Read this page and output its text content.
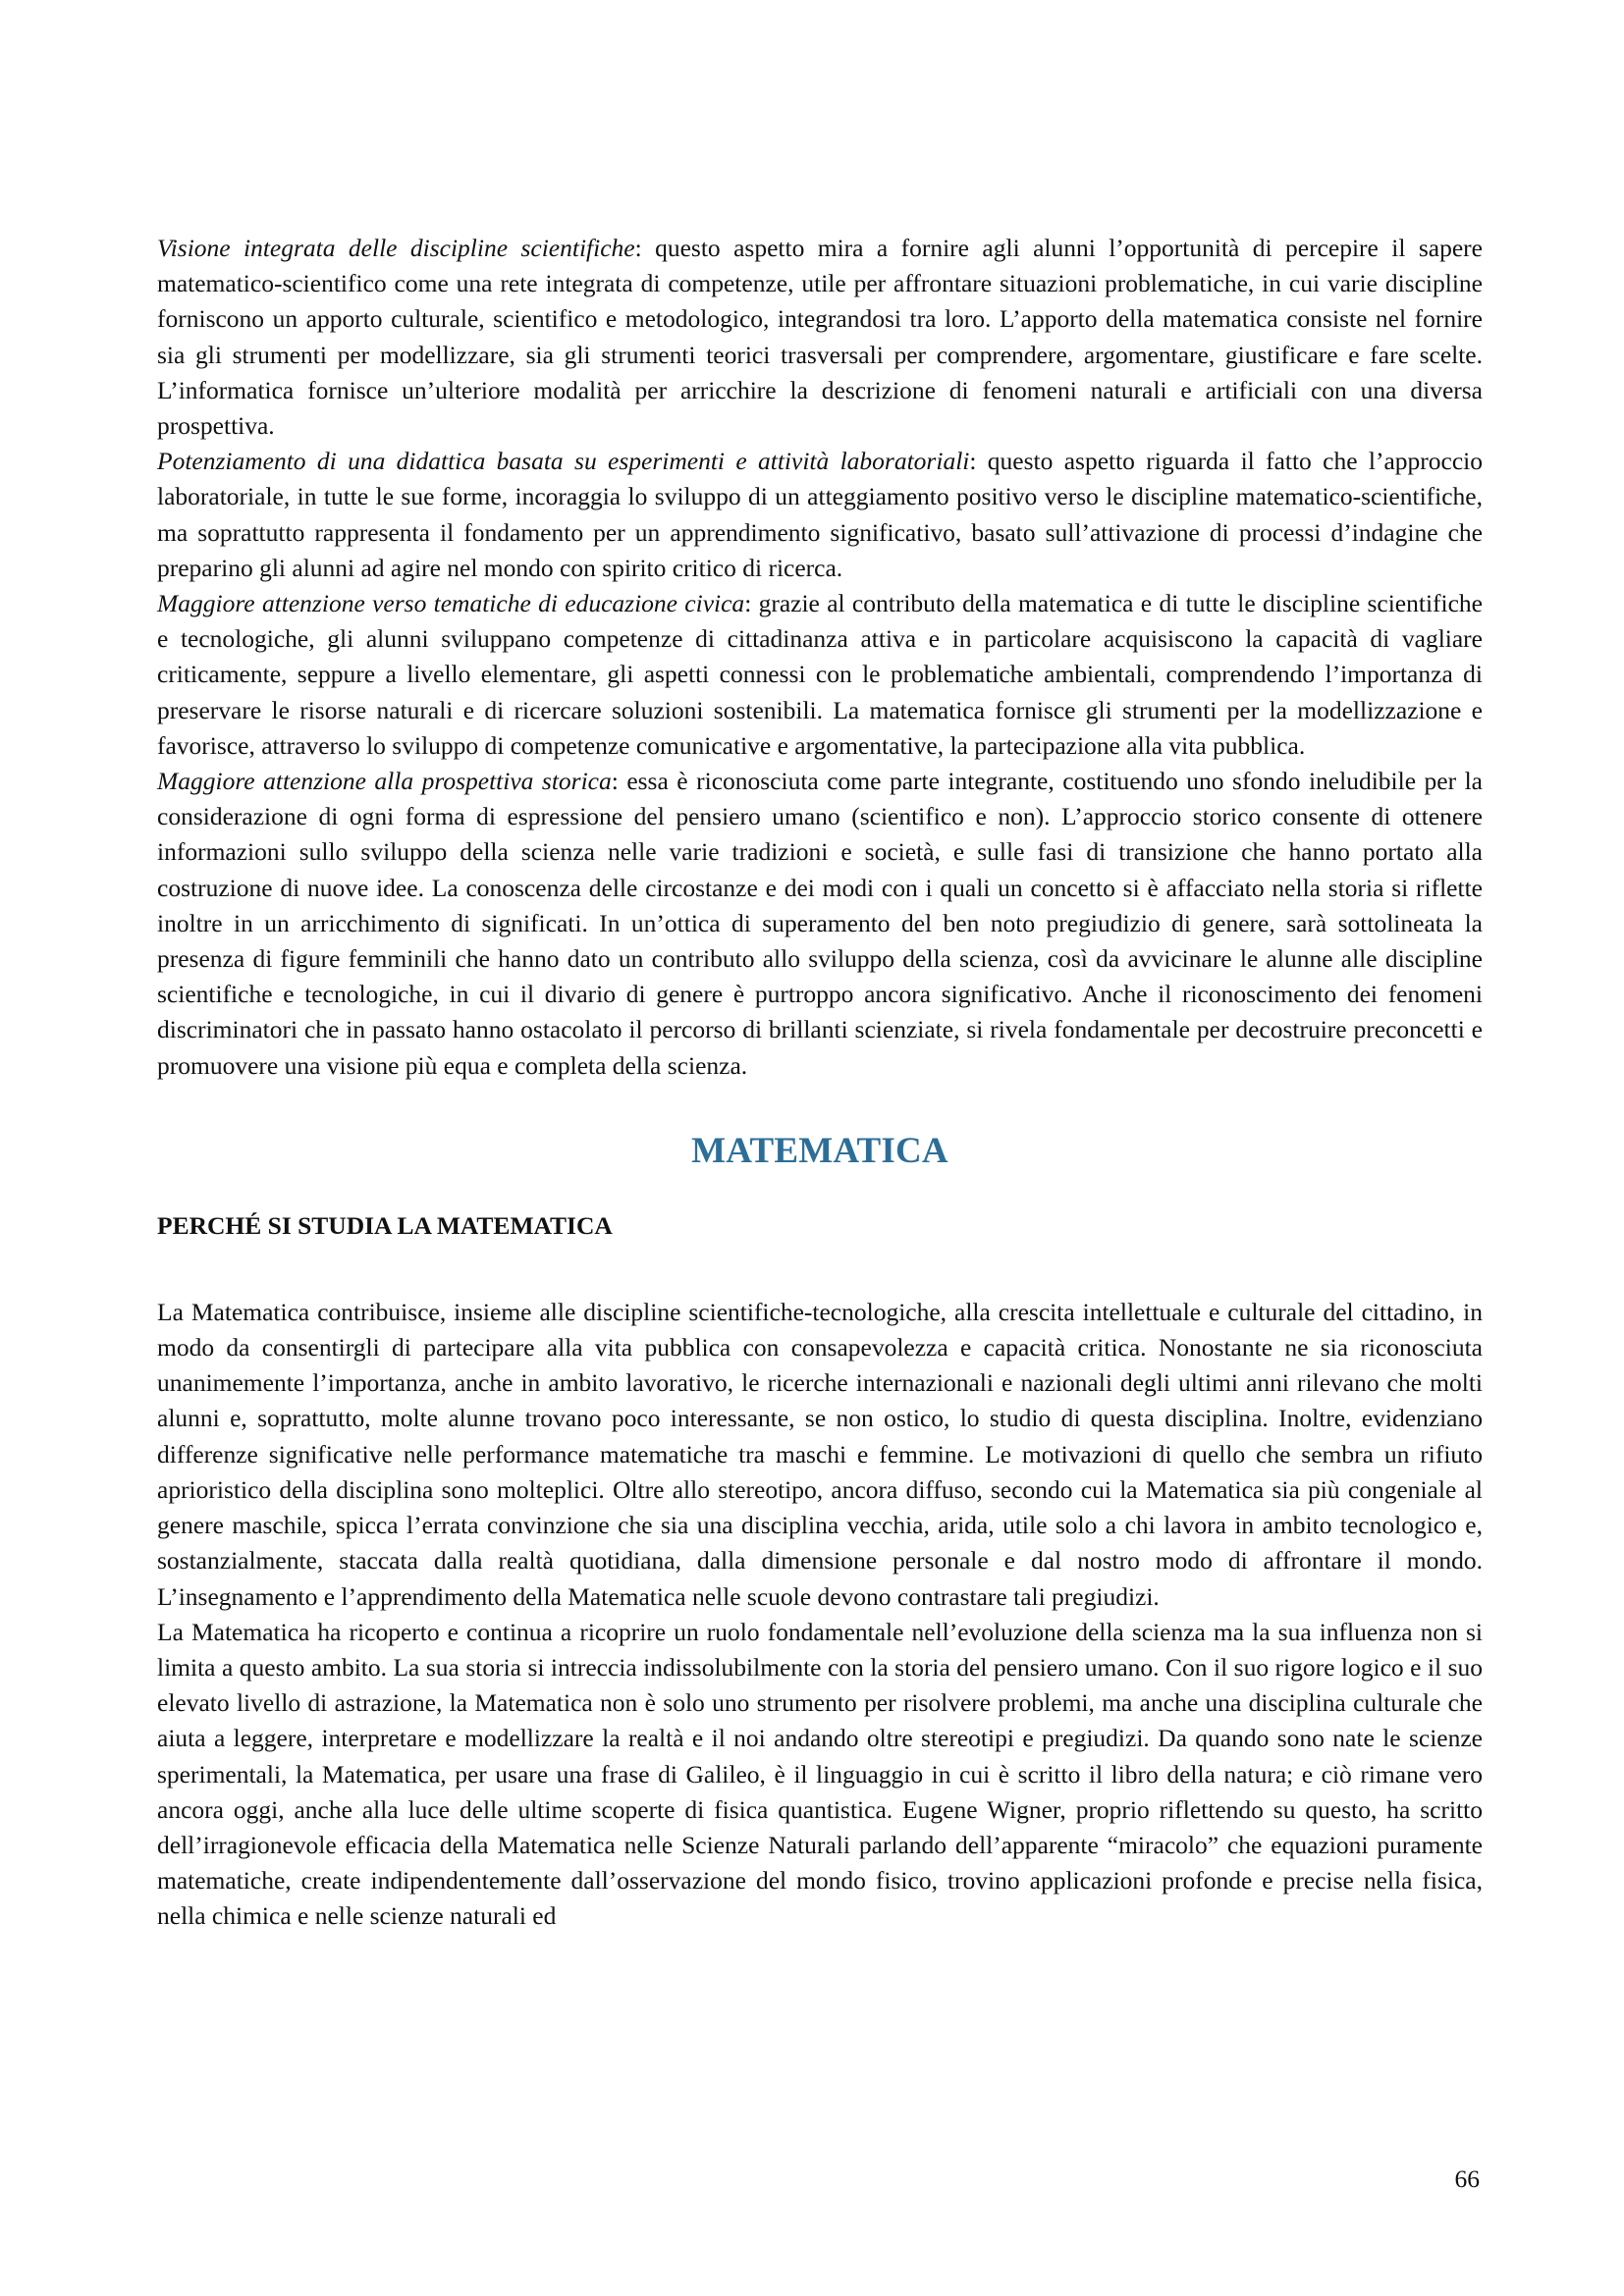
Visione integrata delle discipline scientifiche: questo aspetto mira a fornire agli alunni l’opportunità di percepire il sapere matematico-scientifico come una rete integrata di competenze, utile per affrontare situazioni problematiche, in cui varie discipline forniscono un apporto culturale, scientifico e metodologico, integrandosi tra loro. L’apporto della matematica consiste nel fornire sia gli strumenti per modellizzare, sia gli strumenti teorici trasversali per comprendere, argomentare, giustificare e fare scelte. L’informatica fornisce un’ulteriore modalità per arricchire la descrizione di fenomeni naturali e artificiali con una diversa prospettiva.

Potenziamento di una didattica basata su esperimenti e attività laboratoriali: questo aspetto riguarda il fatto che l’approccio laboratoriale, in tutte le sue forme, incoraggia lo sviluppo di un atteggiamento positivo verso le discipline matematico-scientifiche, ma soprattutto rappresenta il fondamento per un apprendimento significativo, basato sull’attivazione di processi d’indagine che preparino gli alunni ad agire nel mondo con spirito critico di ricerca.

Maggiore attenzione verso tematiche di educazione civica: grazie al contributo della matematica e di tutte le discipline scientifiche e tecnologiche, gli alunni sviluppano competenze di cittadinanza attiva e in particolare acquisiscono la capacità di vagliare criticamente, seppure a livello elementare, gli aspetti connessi con le problematiche ambientali, comprendendo l’importanza di preservare le risorse naturali e di ricercare soluzioni sostenibili. La matematica fornisce gli strumenti per la modellizzazione e favorisce, attraverso lo sviluppo di competenze comunicative e argomentative, la partecipazione alla vita pubblica.

Maggiore attenzione alla prospettiva storica: essa è riconosciuta come parte integrante, costituendo uno sfondo ineludibile per la considerazione di ogni forma di espressione del pensiero umano (scientifico e non). L’approccio storico consente di ottenere informazioni sullo sviluppo della scienza nelle varie tradizioni e società, e sulle fasi di transizione che hanno portato alla costruzione di nuove idee. La conoscenza delle circostanze e dei modi con i quali un concetto si è affacciato nella storia si riflette inoltre in un arricchimento di significati. In un’ottica di superamento del ben noto pregiudizio di genere, sarà sottolineata la presenza di figure femminili che hanno dato un contributo allo sviluppo della scienza, così da avvicinare le alunne alle discipline scientifiche e tecnologiche, in cui il divario di genere è purtroppo ancora significativo. Anche il riconoscimento dei fenomeni discriminatori che in passato hanno ostacolato il percorso di brillanti scienziate, si rivela fondamentale per decostruire preconcetti e promuovere una visione più equa e completa della scienza.

MATEMATICA
PERCHÉ SI STUDIA LA MATEMATICA

La Matematica contribuisce, insieme alle discipline scientifiche-tecnologiche, alla crescita intellettuale e culturale del cittadino, in modo da consentirgli di partecipare alla vita pubblica con consapevolezza e capacità critica. Nonostante ne sia riconosciuta unanimemente l’importanza, anche in ambito lavorativo, le ricerche internazionali e nazionali degli ultimi anni rilevano che molti alunni e, soprattutto, molte alunne trovano poco interessante, se non ostico, lo studio di questa disciplina. Inoltre, evidenziano differenze significative nelle performance matematiche tra maschi e femmine. Le motivazioni di quello che sembra un rifiuto aprioristico della disciplina sono molteplici. Oltre allo stereotipo, ancora diffuso, secondo cui la Matematica sia più congeniale al genere maschile, spicca l’errata convinzione che sia una disciplina vecchia, arida, utile solo a chi lavora in ambito tecnologico e, sostanzialmente, staccata dalla realtà quotidiana, dalla dimensione personale e dal nostro modo di affrontare il mondo. L’insegnamento e l’apprendimento della Matematica nelle scuole devono contrastare tali pregiudizi.

La Matematica ha ricoperto e continua a ricoprire un ruolo fondamentale nell’evoluzione della scienza ma la sua influenza non si limita a questo ambito. La sua storia si intreccia indissolubilmente con la storia del pensiero umano. Con il suo rigore logico e il suo elevato livello di astrazione, la Matematica non è solo uno strumento per risolvere problemi, ma anche una disciplina culturale che aiuta a leggere, interpretare e modellizzare la realtà e il noi andando oltre stereotipi e pregiudizi. Da quando sono nate le scienze sperimentali, la Matematica, per usare una frase di Galileo, è il linguaggio in cui è scritto il libro della natura; e ciò rimane vero ancora oggi, anche alla luce delle ultime scoperte di fisica quantistica. Eugene Wigner, proprio riflettendo su questo, ha scritto dell’irragionevole efficacia della Matematica nelle Scienze Naturali parlando dell’apparente “miracolo” che equazioni puramente matematiche, create indipendentemente dall’osservazione del mondo fisico, trovino applicazioni profonde e precise nella fisica, nella chimica e nelle scienze naturali ed

66
